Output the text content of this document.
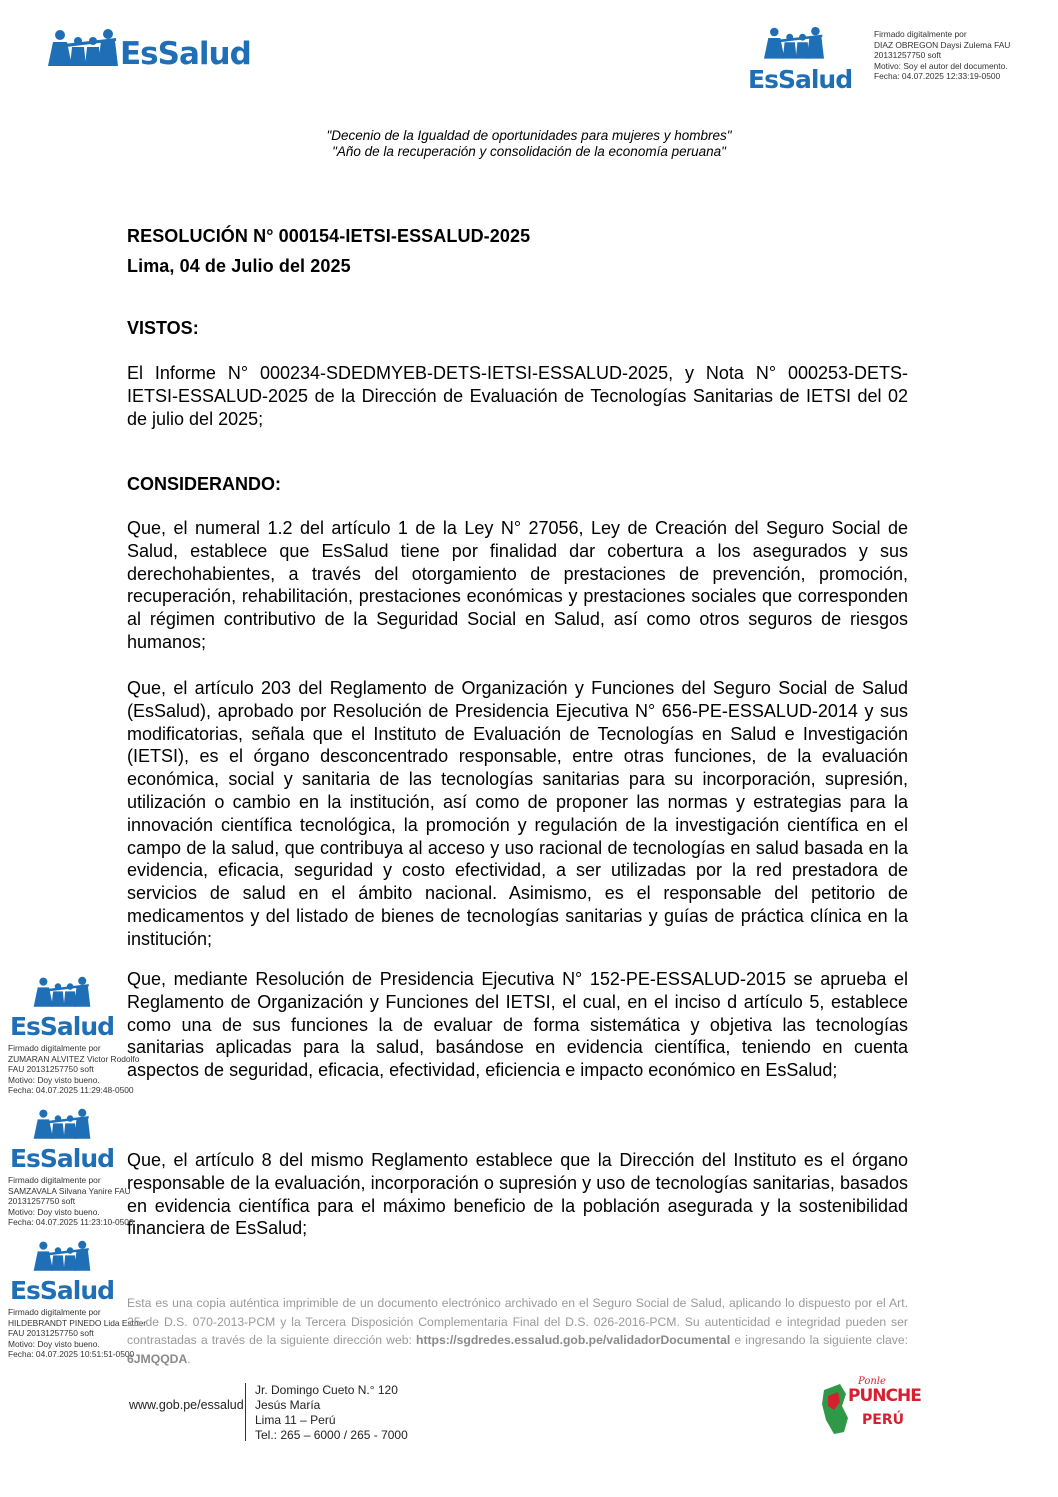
EsSalud
EsSalud
Firmado digitalmente por
DIAZ OBREGON Daysi Zulema FAU
20131257750 soft
Motivo: Soy el autor del documento.
Fecha: 04.07.2025 12:33:19-0500
"Decenio de la Igualdad de oportunidades para mujeres y hombres"
"Año de la recuperación y consolidación de la economía peruana"
RESOLUCIÓN N° 000154-IETSI-ESSALUD-2025
Lima, 04 de Julio del 2025
VISTOS:
El Informe N° 000234-SDEDMYEB-DETS-IETSI-ESSALUD-2025, y Nota N° 000253-DETS-IETSI-ESSALUD-2025 de la Dirección de Evaluación de Tecnologías Sanitarias de IETSI del 02 de julio del 2025;
CONSIDERANDO:
Que, el numeral 1.2 del artículo 1 de la Ley N° 27056, Ley de Creación del Seguro Social de Salud, establece que EsSalud tiene por finalidad dar cobertura a los asegurados y sus derechohabientes, a través del otorgamiento de prestaciones de prevención, promoción, recuperación, rehabilitación, prestaciones económicas y prestaciones sociales que corresponden al régimen contributivo de la Seguridad Social en Salud, así como otros seguros de riesgos humanos;
Que, el artículo 203 del Reglamento de Organización y Funciones del Seguro Social de Salud (EsSalud), aprobado por Resolución de Presidencia Ejecutiva N° 656-PE-ESSALUD-2014 y sus modificatorias, señala que el Instituto de Evaluación de Tecnologías en Salud e Investigación (IETSI), es el órgano desconcentrado responsable, entre otras funciones, de la evaluación económica, social y sanitaria de las tecnologías sanitarias para su incorporación, supresión, utilización o cambio en la institución, así como de proponer las normas y estrategias para la innovación científica tecnológica, la promoción y regulación de la investigación científica en el campo de la salud, que contribuya al acceso y uso racional de tecnologías en salud basada en la evidencia, eficacia, seguridad y costo efectividad, a ser utilizadas por la red prestadora de servicios de salud en el ámbito nacional. Asimismo, es el responsable del petitorio de medicamentos y del listado de bienes de tecnologías sanitarias y guías de práctica clínica en la institución;
Que, mediante Resolución de Presidencia Ejecutiva N° 152-PE-ESSALUD-2015 se aprueba el Reglamento de Organización y Funciones del IETSI, el cual, en el inciso d artículo 5, establece como una de sus funciones la de evaluar de forma sistemática y objetiva las tecnologías sanitarias aplicadas para la salud, basándose en evidencia científica, teniendo en cuenta aspectos de seguridad, eficacia, efectividad, eficiencia e impacto económico en EsSalud;
Que, el artículo 8 del mismo Reglamento establece que la Dirección del Instituto es el órgano responsable de la evaluación, incorporación o supresión y uso de tecnologías sanitarias, basados en evidencia científica para el máximo beneficio de la población asegurada y la sostenibilidad financiera de EsSalud;
EsSalud
Firmado digitalmente por
ZUMARAN ALVITEZ Victor Rodolfo
FAU 20131257750 soft
Motivo: Doy visto bueno.
Fecha: 04.07.2025 11:29:48-0500
EsSalud
Firmado digitalmente por
SAMZAVALA Silvana Yanire FAU
20131257750 soft
Motivo: Doy visto bueno.
Fecha: 04.07.2025 11:23:10-0500
EsSalud
Firmado digitalmente por
HILDEBRANDT PINEDO Lida Esther
FAU 20131257750 soft
Motivo: Doy visto bueno.
Fecha: 04.07.2025 10:51:51-0500
Esta es una copia auténtica imprimible de un documento electrónico archivado en el Seguro Social de Salud, aplicando lo dispuesto por el Art. 25 de D.S. 070-2013-PCM y la Tercera Disposición Complementaria Final del D.S. 026-2016-PCM. Su autenticidad e integridad pueden ser contrastadas a través de la siguiente dirección web: https://sgdredes.essalud.gob.pe/validadorDocumental e ingresando la siguiente clave: 6JMQQDA.
www.gob.pe/essalud
Jr. Domingo Cueto N.° 120
Jesús María
Lima 11 – Perú
Tel.: 265 – 6000 / 265 - 7000
Ponle
PUNCHE
PERÚ
